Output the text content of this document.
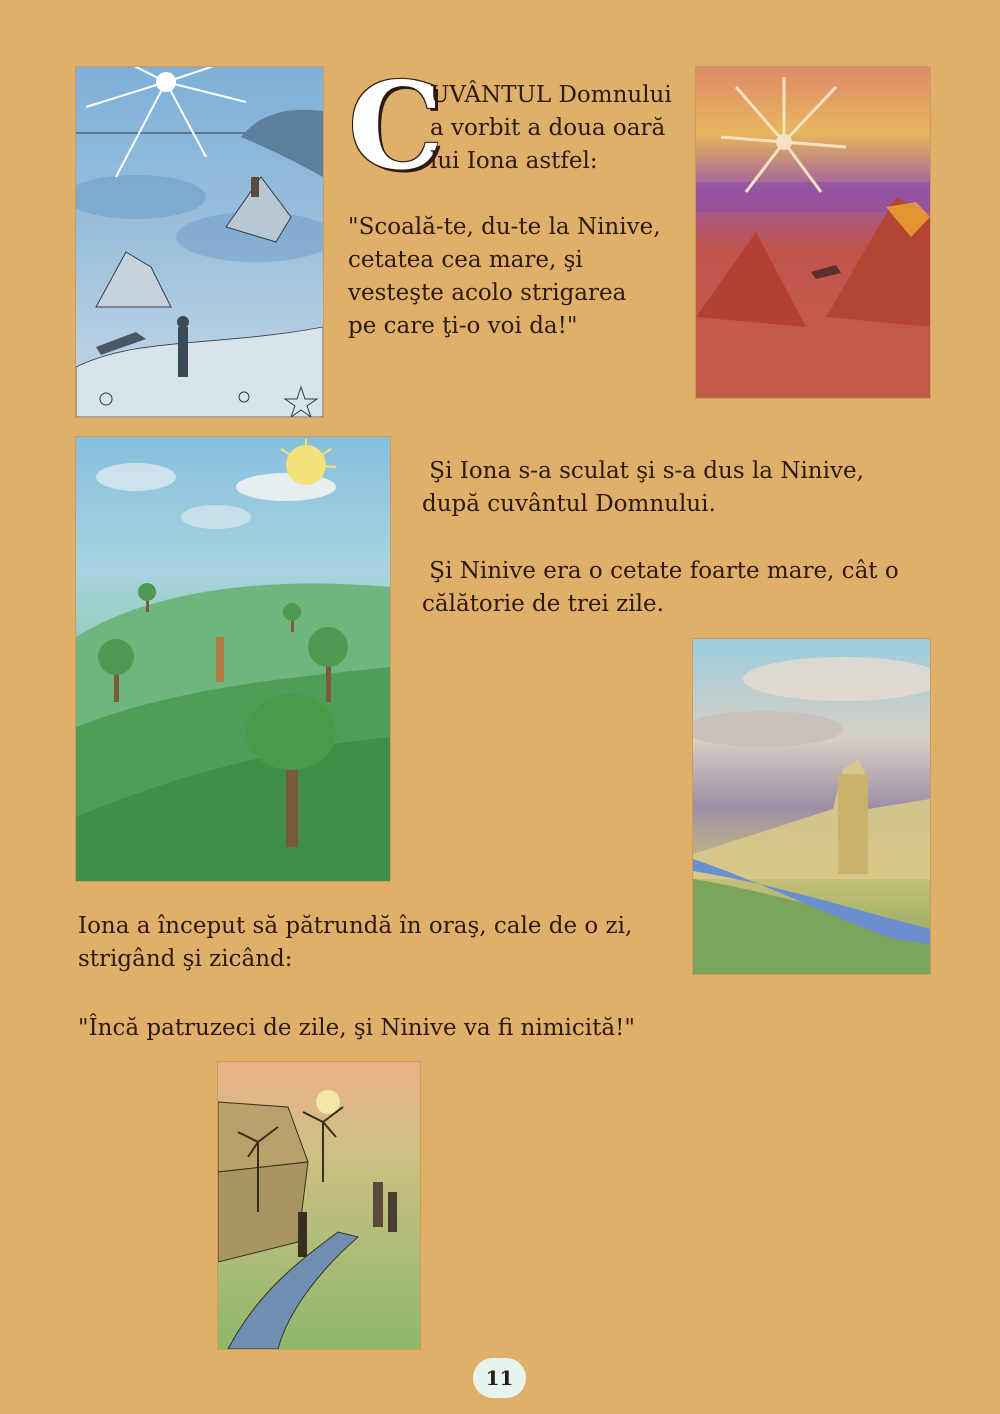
C

UVÂNTUL Domnului

a vorbit a doua oară

lui Iona astfel:

"Scoală-te, du-te la Ninive,

cetatea cea mare, şi

vesteşte acolo strigarea

pe care ţi-o voi da!"

Şi Iona s-a sculat şi s-a dus la Ninive,

după cuvântul Domnului.

Şi Ninive era o cetate foarte mare, cât o

călătorie de trei zile.

Iona a început să pătrundă în oraş, cale de o zi,

strigând şi zicând:

"Încă patruzeci de zile, şi Ninive va fi nimicită!"

11
